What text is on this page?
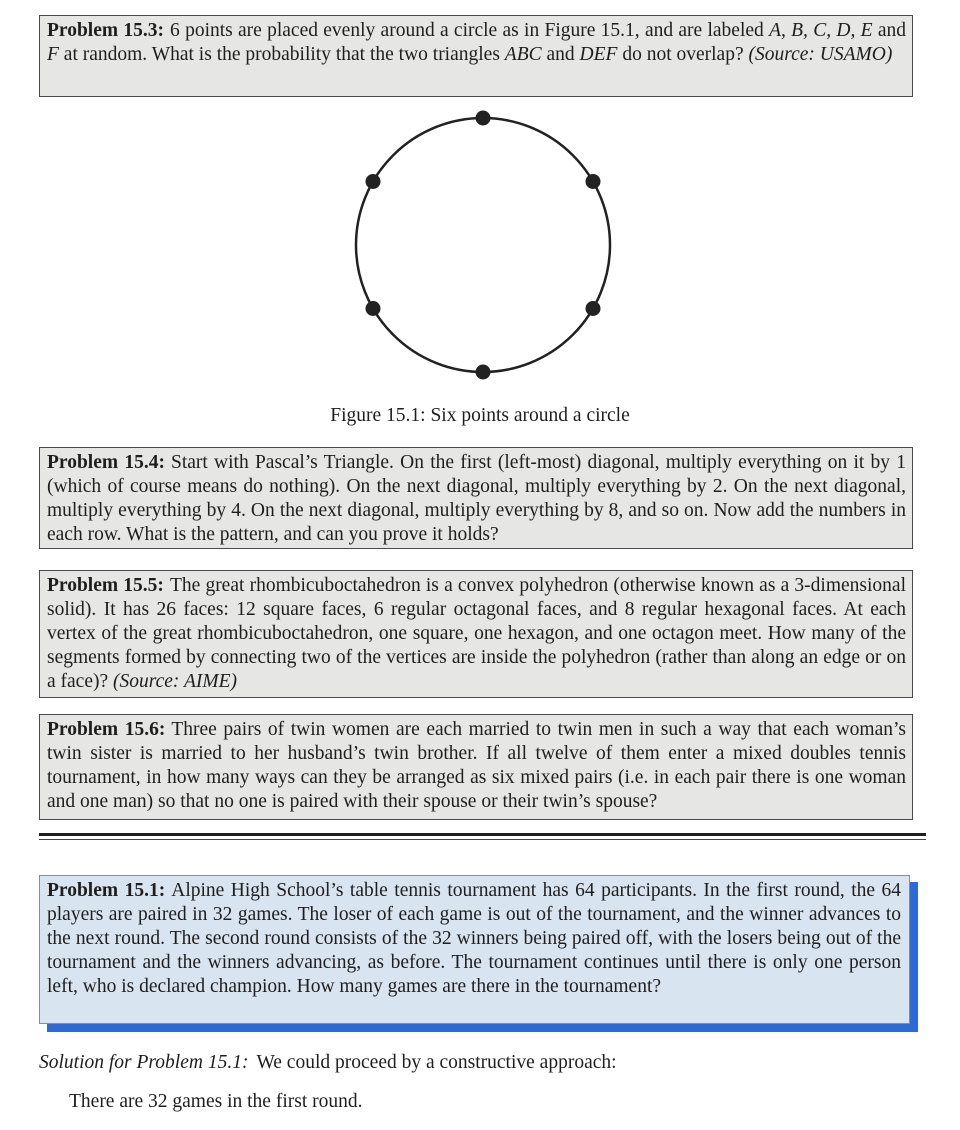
Problem 15.3: 6 points are placed evenly around a circle as in Figure 15.1, and are labeled A, B, C, D, E and F at random. What is the probability that the two triangles ABC and DEF do not overlap? (Source: USAMO)
Figure 15.1: Six points around a circle
Problem 15.4: Start with Pascal’s Triangle. On the first (left-most) diagonal, multiply everything on it by 1 (which of course means do nothing). On the next diagonal, multiply everything by 2. On the next diagonal, multiply everything by 4. On the next diagonal, multiply everything by 8, and so on. Now add the numbers in each row. What is the pattern, and can you prove it holds?
Problem 15.5: The great rhombicuboctahedron is a convex polyhedron (otherwise known as a 3-dimensional solid). It has 26 faces: 12 square faces, 6 regular octagonal faces, and 8 regular hexagonal faces. At each vertex of the great rhombicuboctahedron, one square, one hexagon, and one octagon meet. How many of the segments formed by connecting two of the vertices are inside the polyhedron (rather than along an edge or on a face)? (Source: AIME)
Problem 15.6: Three pairs of twin women are each married to twin men in such a way that each woman’s twin sister is married to her husband’s twin brother. If all twelve of them enter a mixed doubles tennis tournament, in how many ways can they be arranged as six mixed pairs (i.e. in each pair there is one woman and one man) so that no one is paired with their spouse or their twin’s spouse?
Problem 15.1: Alpine High School’s table tennis tournament has 64 participants. In the first round, the 64 players are paired in 32 games. The loser of each game is out of the tournament, and the winner advances to the next round. The second round consists of the 32 winners being paired off, with the losers being out of the tournament and the winners advancing, as before. The tournament continues until there is only one person left, who is declared champion. How many games are there in the tournament?
Solution for Problem 15.1: We could proceed by a constructive approach:
There are 32 games in the first round.
